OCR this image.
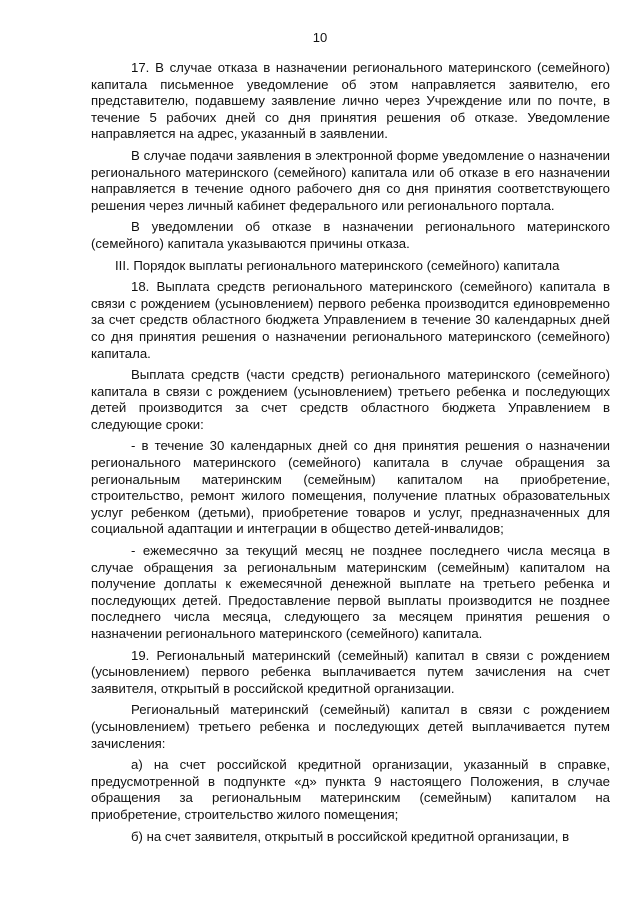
10

17. В случае отказа в назначении регионального материнского (семейного) капитала письменное уведомление об этом направляется заявителю, его представителю, подавшему заявление лично через Учреждение или по почте, в течение 5 рабочих дней со дня принятия решения об отказе. Уведомление направляется на адрес, указанный в заявлении.

В случае подачи заявления в электронной форме уведомление о назначении регионального материнского (семейного) капитала или об отказе в его назначении направляется в течение одного рабочего дня со дня принятия соответствующего решения через личный кабинет федерального или регионального портала.

В уведомлении об отказе в назначении регионального материнского (семейного) капитала указываются причины отказа.

III. Порядок выплаты регионального материнского (семейного) капитала

18. Выплата средств регионального материнского (семейного) капитала в связи с рождением (усыновлением) первого ребенка производится единовременно за счет средств областного бюджета Управлением в течение 30 календарных дней со дня принятия решения о назначении регионального материнского (семейного) капитала.

Выплата средств (части средств) регионального материнского (семейного) капитала в связи с рождением (усыновлением) третьего ребенка и последующих детей производится за счет средств областного бюджета Управлением в следующие сроки:

- в течение 30 календарных дней со дня принятия решения о назначении регионального материнского (семейного) капитала в случае обращения за региональным материнским (семейным) капиталом на приобретение, строительство, ремонт жилого помещения, получение платных образовательных услуг ребенком (детьми), приобретение товаров и услуг, предназначенных для социальной адаптации и интеграции в общество детей-инвалидов;

- ежемесячно за текущий месяц не позднее последнего числа месяца в случае обращения за региональным материнским (семейным) капиталом на получение доплаты к ежемесячной денежной выплате на третьего ребенка и последующих детей. Предоставление первой выплаты производится не позднее последнего числа месяца, следующего за месяцем принятия решения о назначении регионального материнского (семейного) капитала.

19. Региональный материнский (семейный) капитал в связи с рождением (усыновлением) первого ребенка выплачивается путем зачисления на счет заявителя, открытый в российской кредитной организации.

Региональный материнский (семейный) капитал в связи с рождением (усыновлением) третьего ребенка и последующих детей выплачивается путем зачисления:

а) на счет российской кредитной организации, указанный в справке, предусмотренной в подпункте «д» пункта 9 настоящего Положения, в случае обращения за региональным материнским (семейным) капиталом на приобретение, строительство жилого помещения;

б) на счет заявителя, открытый в российской кредитной организации, в
